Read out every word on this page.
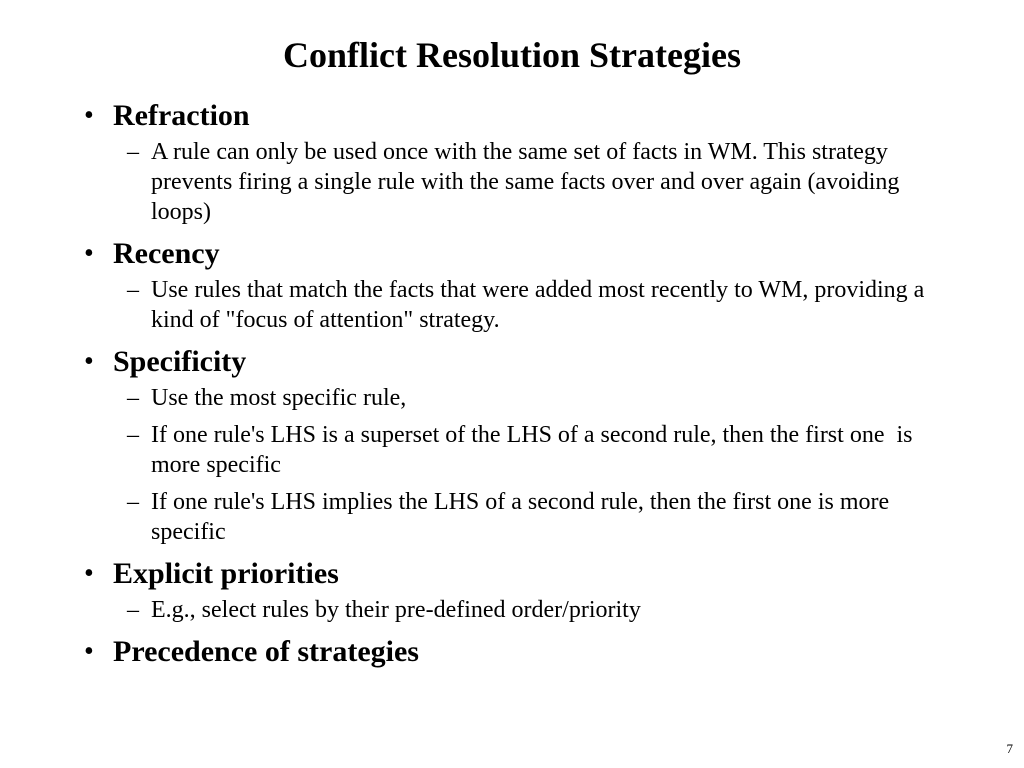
Conflict Resolution Strategies
• Refraction
– A rule can only be used once with the same set of facts in WM. This strategy prevents firing a single rule with the same facts over and over again (avoiding loops)
• Recency
– Use rules that match the facts that were added most recently to WM, providing a kind of "focus of attention" strategy.
• Specificity
– Use the most specific rule,
– If one rule's LHS is a superset of the LHS of a second rule, then the first one  is more specific
– If one rule's LHS implies the LHS of a second rule, then the first one is more specific
• Explicit priorities
– E.g., select rules by their pre-defined order/priority
• Precedence of strategies
7
